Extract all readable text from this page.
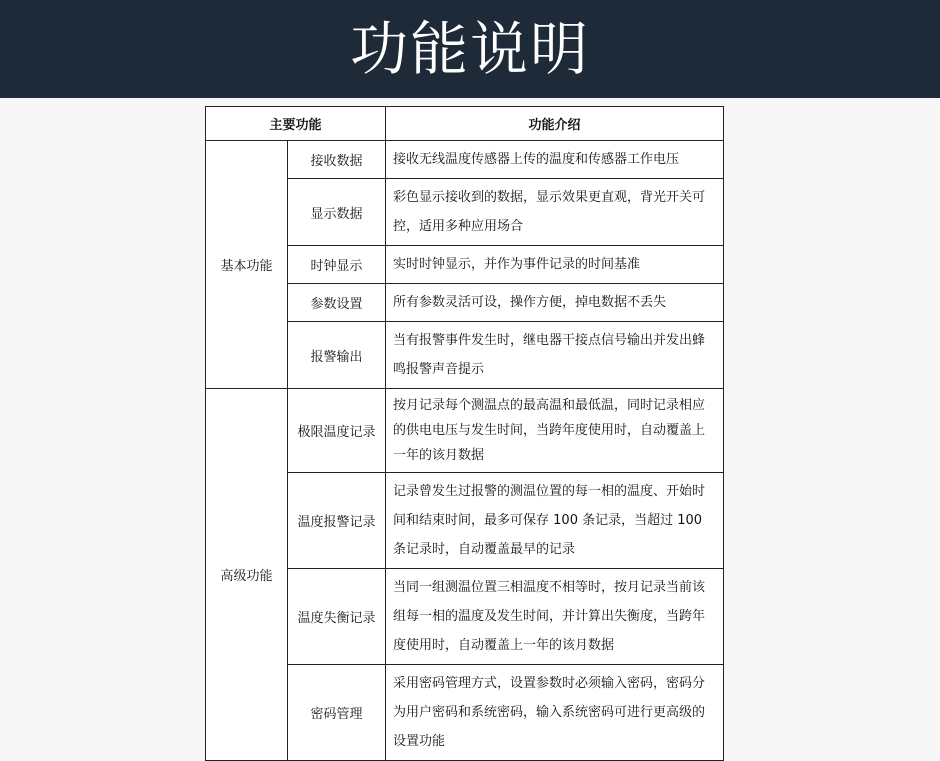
功能说明
主要功能		功能介绍
基本功能	接收数据	接收无线温度传感器上传的温度和传感器工作电压
	显示数据	彩色显示接收到的数据，显示效果更直观，背光开关可控，适用多种应用场合
	时钟显示	实时时钟显示，并作为事件记录的时间基准
	参数设置	所有参数灵活可设，操作方便，掉电数据不丢失
	报警输出	当有报警事件发生时，继电器干接点信号输出并发出蜂鸣报警声音提示
高级功能	极限温度记录	按月记录每个测温点的最高温和最低温，同时记录相应的供电电压与发生时间，当跨年度使用时，自动覆盖上一年的该月数据
	温度报警记录	记录曾发生过报警的测温位置的每一相的温度、开始时间和结束时间，最多可保存 100 条记录，当超过 100 条记录时，自动覆盖最早的记录
	温度失衡记录	当同一组测温位置三相温度不相等时，按月记录当前该组每一相的温度及发生时间，并计算出失衡度，当跨年度使用时，自动覆盖上一年的该月数据
	密码管理	采用密码管理方式，设置参数时必须输入密码，密码分为用户密码和系统密码，输入系统密码可进行更高级的设置功能
